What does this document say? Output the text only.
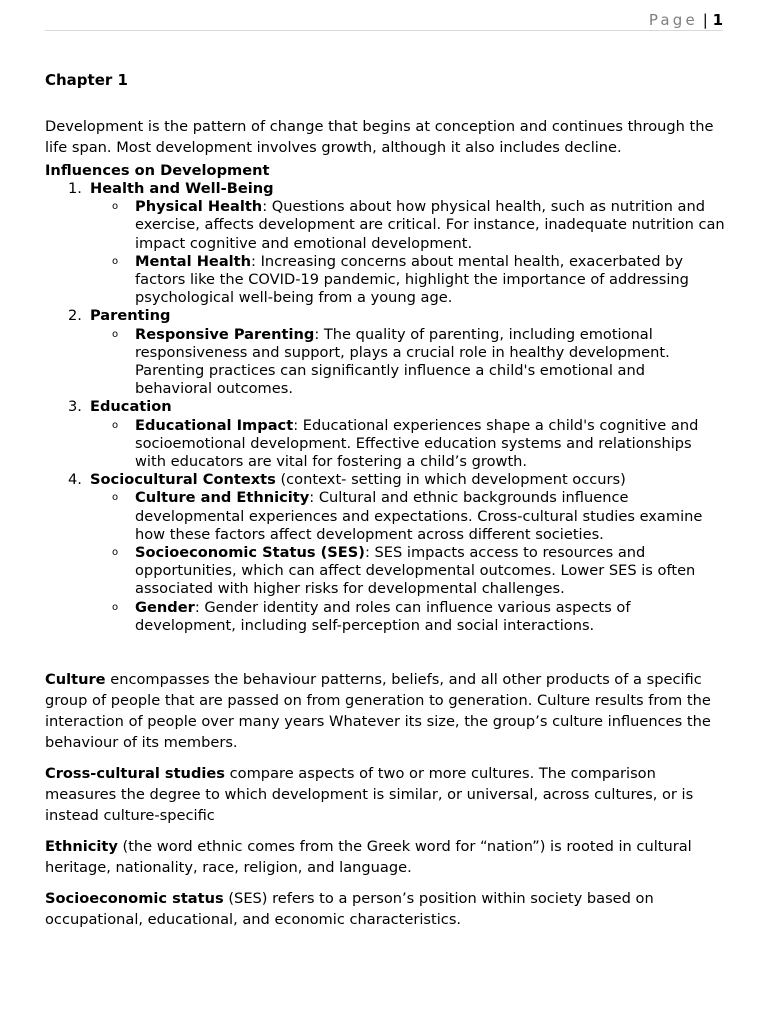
Page | 1

Chapter 1

Development is the pattern of change that begins at conception and continues through the life span. Most development involves growth, although it also includes decline.

Influences on Development

1. Health and Well-Being
o Physical Health: Questions about how physical health, such as nutrition and exercise, affects development are critical. For instance, inadequate nutrition can impact cognitive and emotional development.
o Mental Health: Increasing concerns about mental health, exacerbated by factors like the COVID-19 pandemic, highlight the importance of addressing psychological well-being from a young age.
2. Parenting
o Responsive Parenting: The quality of parenting, including emotional responsiveness and support, plays a crucial role in healthy development. Parenting practices can significantly influence a child's emotional and behavioral outcomes.
3. Education
o Educational Impact: Educational experiences shape a child's cognitive and socioemotional development. Effective education systems and relationships with educators are vital for fostering a child’s growth.
4. Sociocultural Contexts (context- setting in which development occurs)
o Culture and Ethnicity: Cultural and ethnic backgrounds influence developmental experiences and expectations. Cross-cultural studies examine how these factors affect development across different societies.
o Socioeconomic Status (SES): SES impacts access to resources and opportunities, which can affect developmental outcomes. Lower SES is often associated with higher risks for developmental challenges.
o Gender: Gender identity and roles can influence various aspects of development, including self-perception and social interactions.

Culture encompasses the behaviour patterns, beliefs, and all other products of a specific group of people that are passed on from generation to generation. Culture results from the interaction of people over many years Whatever its size, the group’s culture influences the behaviour of its members.

Cross-cultural studies compare aspects of two or more cultures. The comparison measures the degree to which development is similar, or universal, across cultures, or is instead culture-specific

Ethnicity (the word ethnic comes from the Greek word for “nation”) is rooted in cultural heritage, nationality, race, religion, and language.

Socioeconomic status (SES) refers to a person’s position within society based on occupational, educational, and economic characteristics.
